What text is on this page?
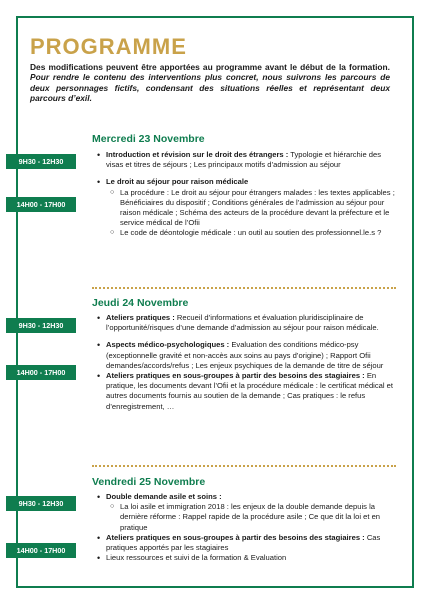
PROGRAMME
Des modifications peuvent être apportées au programme avant le début de la formation. Pour rendre le contenu des interventions plus concret, nous suivrons les parcours de deux personnages fictifs, condensant des situations réelles et représentant deux parcours d’exil.
Mercredi 23 Novembre
9H30 - 12H30
14H00 - 17H00
• Introduction et révision sur le droit des étrangers : Typologie et hiérarchie des visas et titres de séjours ; Les principaux motifs d’admission au séjour
• Le droit au séjour pour raison médicale
○ La procédure : Le droit au séjour pour étrangers malades : les textes applicables ; Bénéficiaires du dispositif ; Conditions générales de l’admission au séjour pour raison médicale ; Schéma des acteurs de la procédure devant la préfecture et le service médical de l’Ofii
○ Le code de déontologie médicale : un outil au soutien des professionnel.le.s ?
Jeudi 24 Novembre
9H30 - 12H30
14H00 - 17H00
• Ateliers pratiques : Recueil d’informations et évaluation pluridisciplinaire de l’opportunité/risques d’une demande d’admission au séjour pour raison médicale.
• Aspects médico-psychologiques : Evaluation des conditions médico-psy (exceptionnelle gravité et non-accès aux soins au pays d’origine) ; Rapport Ofii demandes/accords/refus ; Les enjeux psychiques de la demande de titre de séjour
• Ateliers pratiques en sous-groupes à partir des besoins des stagiaires : En pratique, les documents devant l’Ofii et la procédure médicale : le certificat médical et autres documents fournis au soutien de la demande ; Cas pratiques : le refus d’enregistrement, …
Vendredi 25 Novembre
9H30 - 12H30
14H00 - 17H00
• Double demande asile et soins :
○ La loi asile et immigration 2018 : les enjeux de la double demande depuis la dernière réforme : Rappel rapide de la procédure asile ; Ce que dit la loi et en pratique
• Ateliers pratiques en sous-groupes à partir des besoins des stagiaires : Cas pratiques apportés par les stagiaires
• Lieux ressources et suivi de la formation & Evaluation
